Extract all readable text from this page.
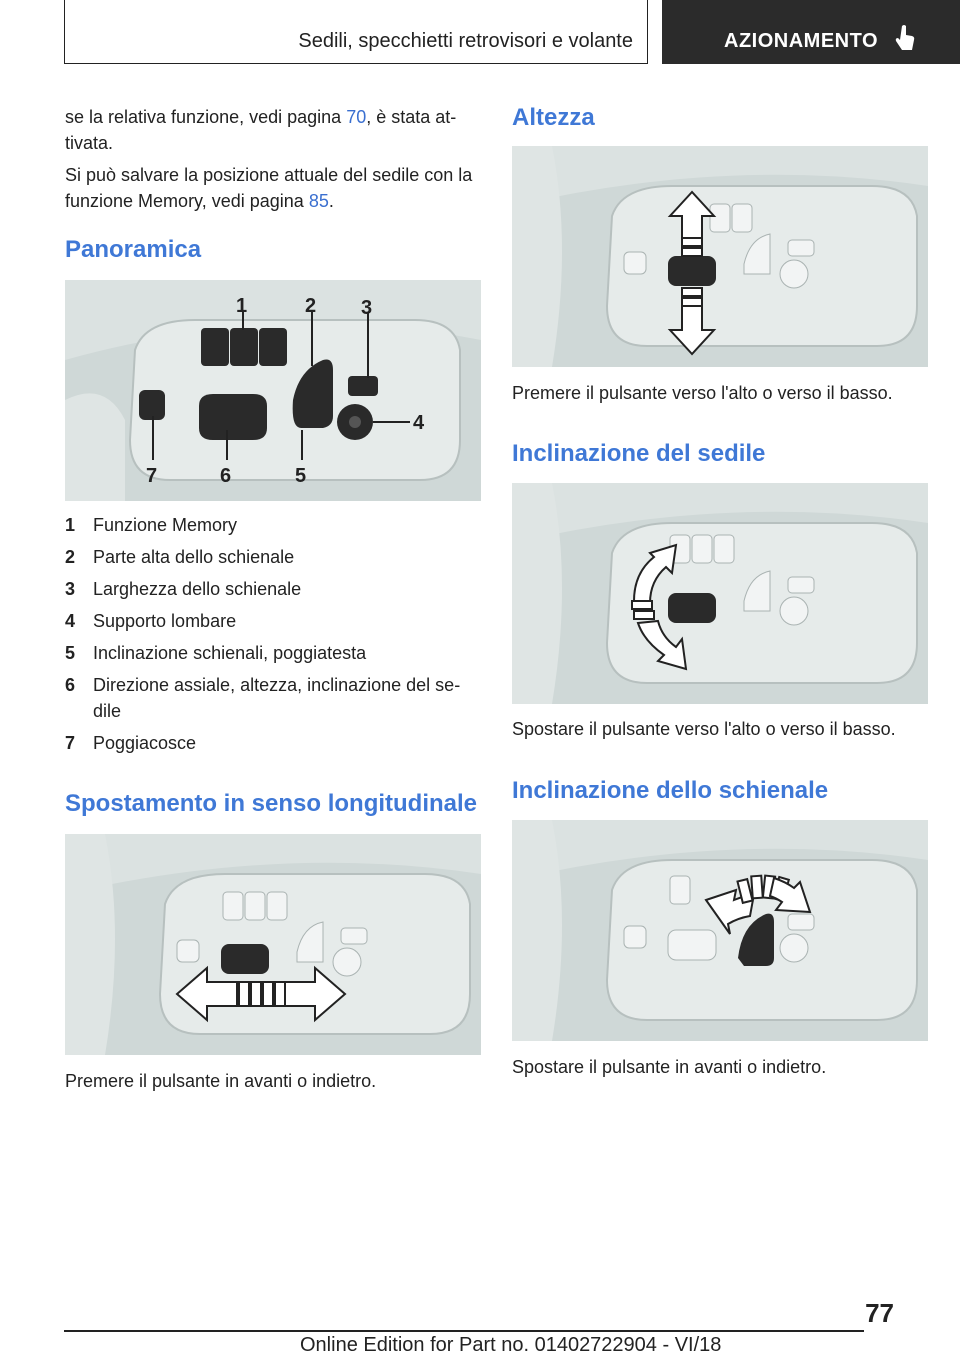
Sedili, specchietti retrovisori e volante	AZIONAMENTO

se la relativa funzione, vedi pagina 70, è stata at-tivata.

Si può salvare la posizione attuale del sedile con la funzione Memory, vedi pagina 85.

Panoramica
1	2 3
4
5
6
7
1 Funzione Memory
2 Parte alta dello schienale
3 Larghezza dello schienale
4 Supporto lombare
5 Inclinazione schienali, poggiatesta
6 Direzione assiale, altezza, inclinazione del se-dile
7 Poggiacosce
Spostamento in senso longitudinale

Premere il pulsante in avanti o indietro.

Altezza

Premere il pulsante verso l'alto o verso il basso.

Inclinazione del sedile

Spostare il pulsante verso l'alto o verso il basso.

Inclinazione dello schienale

Spostare il pulsante in avanti o indietro.

77
Online Edition for Part no. 01402722904 - VI/18
